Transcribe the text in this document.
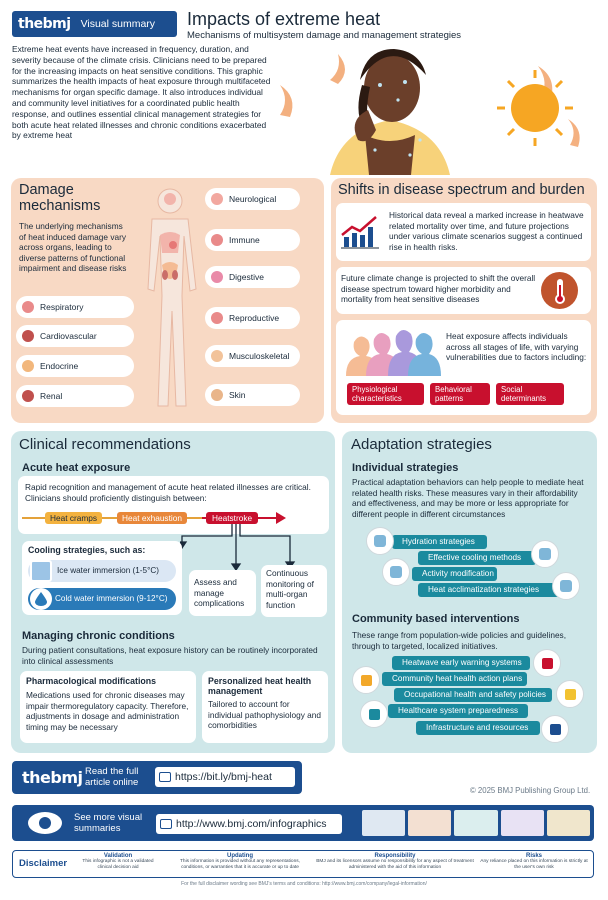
thebmj Visual summary Impacts of extreme heat
Mechanisms of multisystem damage and management strategies
Extreme heat events have increased in frequency, duration, and severity because of the climate crisis. Clinicians need to be prepared for the increasing impacts on heat sensitive conditions. This graphic summarizes the health impacts of heat exposure through multifaceted mechanisms for organ specific damage. It also introduces individual and community level initiatives for a coordinated public health response, and outlines essential clinical management strategies for both acute heat related illnesses and chronic conditions exacerbated by extreme heat
Damage mechanisms
The underlying mechanisms of heat induced damage vary across organs, leading to diverse patterns of functional impairment and disease risks
Respiratory
Cardiovascular
Endocrine
Renal
Neurological
Immune
Digestive
Reproductive
Musculoskeletal
Skin
Shifts in disease spectrum and burden
Historical data reveal a marked increase in heatwave related mortality over time, and future projections under various climate scenarios suggest a continued rise in health risks.
Future climate change is projected to shift the overall disease spectrum toward higher morbidity and mortality from heat sensitive diseases
Heat exposure affects individuals across all stages of life, with varying vulnerabilities due to factors including:
Physiological characteristics
Behavioral patterns
Social determinants
Clinical recommendations
Acute heat exposure
Rapid recognition and management of acute heat related illnesses are critical. Clinicians should proficiently distinguish between:
Heat cramps	Heat exhaustion	Heatstroke
Cooling strategies, such as:
Ice water immersion (1-5°C)
Cold water immersion (9-12°C)
Assess and manage complications
Continuous monitoring of multi-organ function
Managing chronic conditions
During patient consultations, heat exposure history can be routinely incorporated into clinical assessments
Pharmacological modifications
Medications used for chronic diseases may impair thermoregulatory capacity. Therefore, adjustments in dosage and administration timing may be necessary
Personalized heat health management
Tailored to account for individual pathophysiology and comorbidities
Adaptation strategies
Individual strategies
Practical adaptation behaviors can help people to mediate heat related health risks. These measures vary in their affordability and effectiveness, and may be more or less appropriate for different people in different circumstances
Hydration strategies
Effective cooling methods
Activity modification
Heat acclimatization strategies
Community based interventions
These range from population-wide policies and guidelines, through to targeted, localized initiatives.
Heatwave early warning systems
Community heat health action plans
Occupational health and safety policies
Healthcare system preparedness
Infrastructure and resources
thebmj Read the full article online	https://bit.ly/bmj-heat
© 2025 BMJ Publishing Group Ltd.
See more visual summaries	http://www.bmj.com/infographics
Disclaimer
Validation
This infographic is not a validated clinical decision aid
Updating
This information is provided without any representations, conditions, or warranties that it is accurate or up to date
Responsibility
BMJ and its licensors assume no responsibility for any aspect of treatment administered with the aid of this information
Risks
Any reliance placed on this information is strictly at the user's own risk
For the full disclaimer wording see BMJ's terms and conditions: http://www.bmj.com/company/legal-information/
